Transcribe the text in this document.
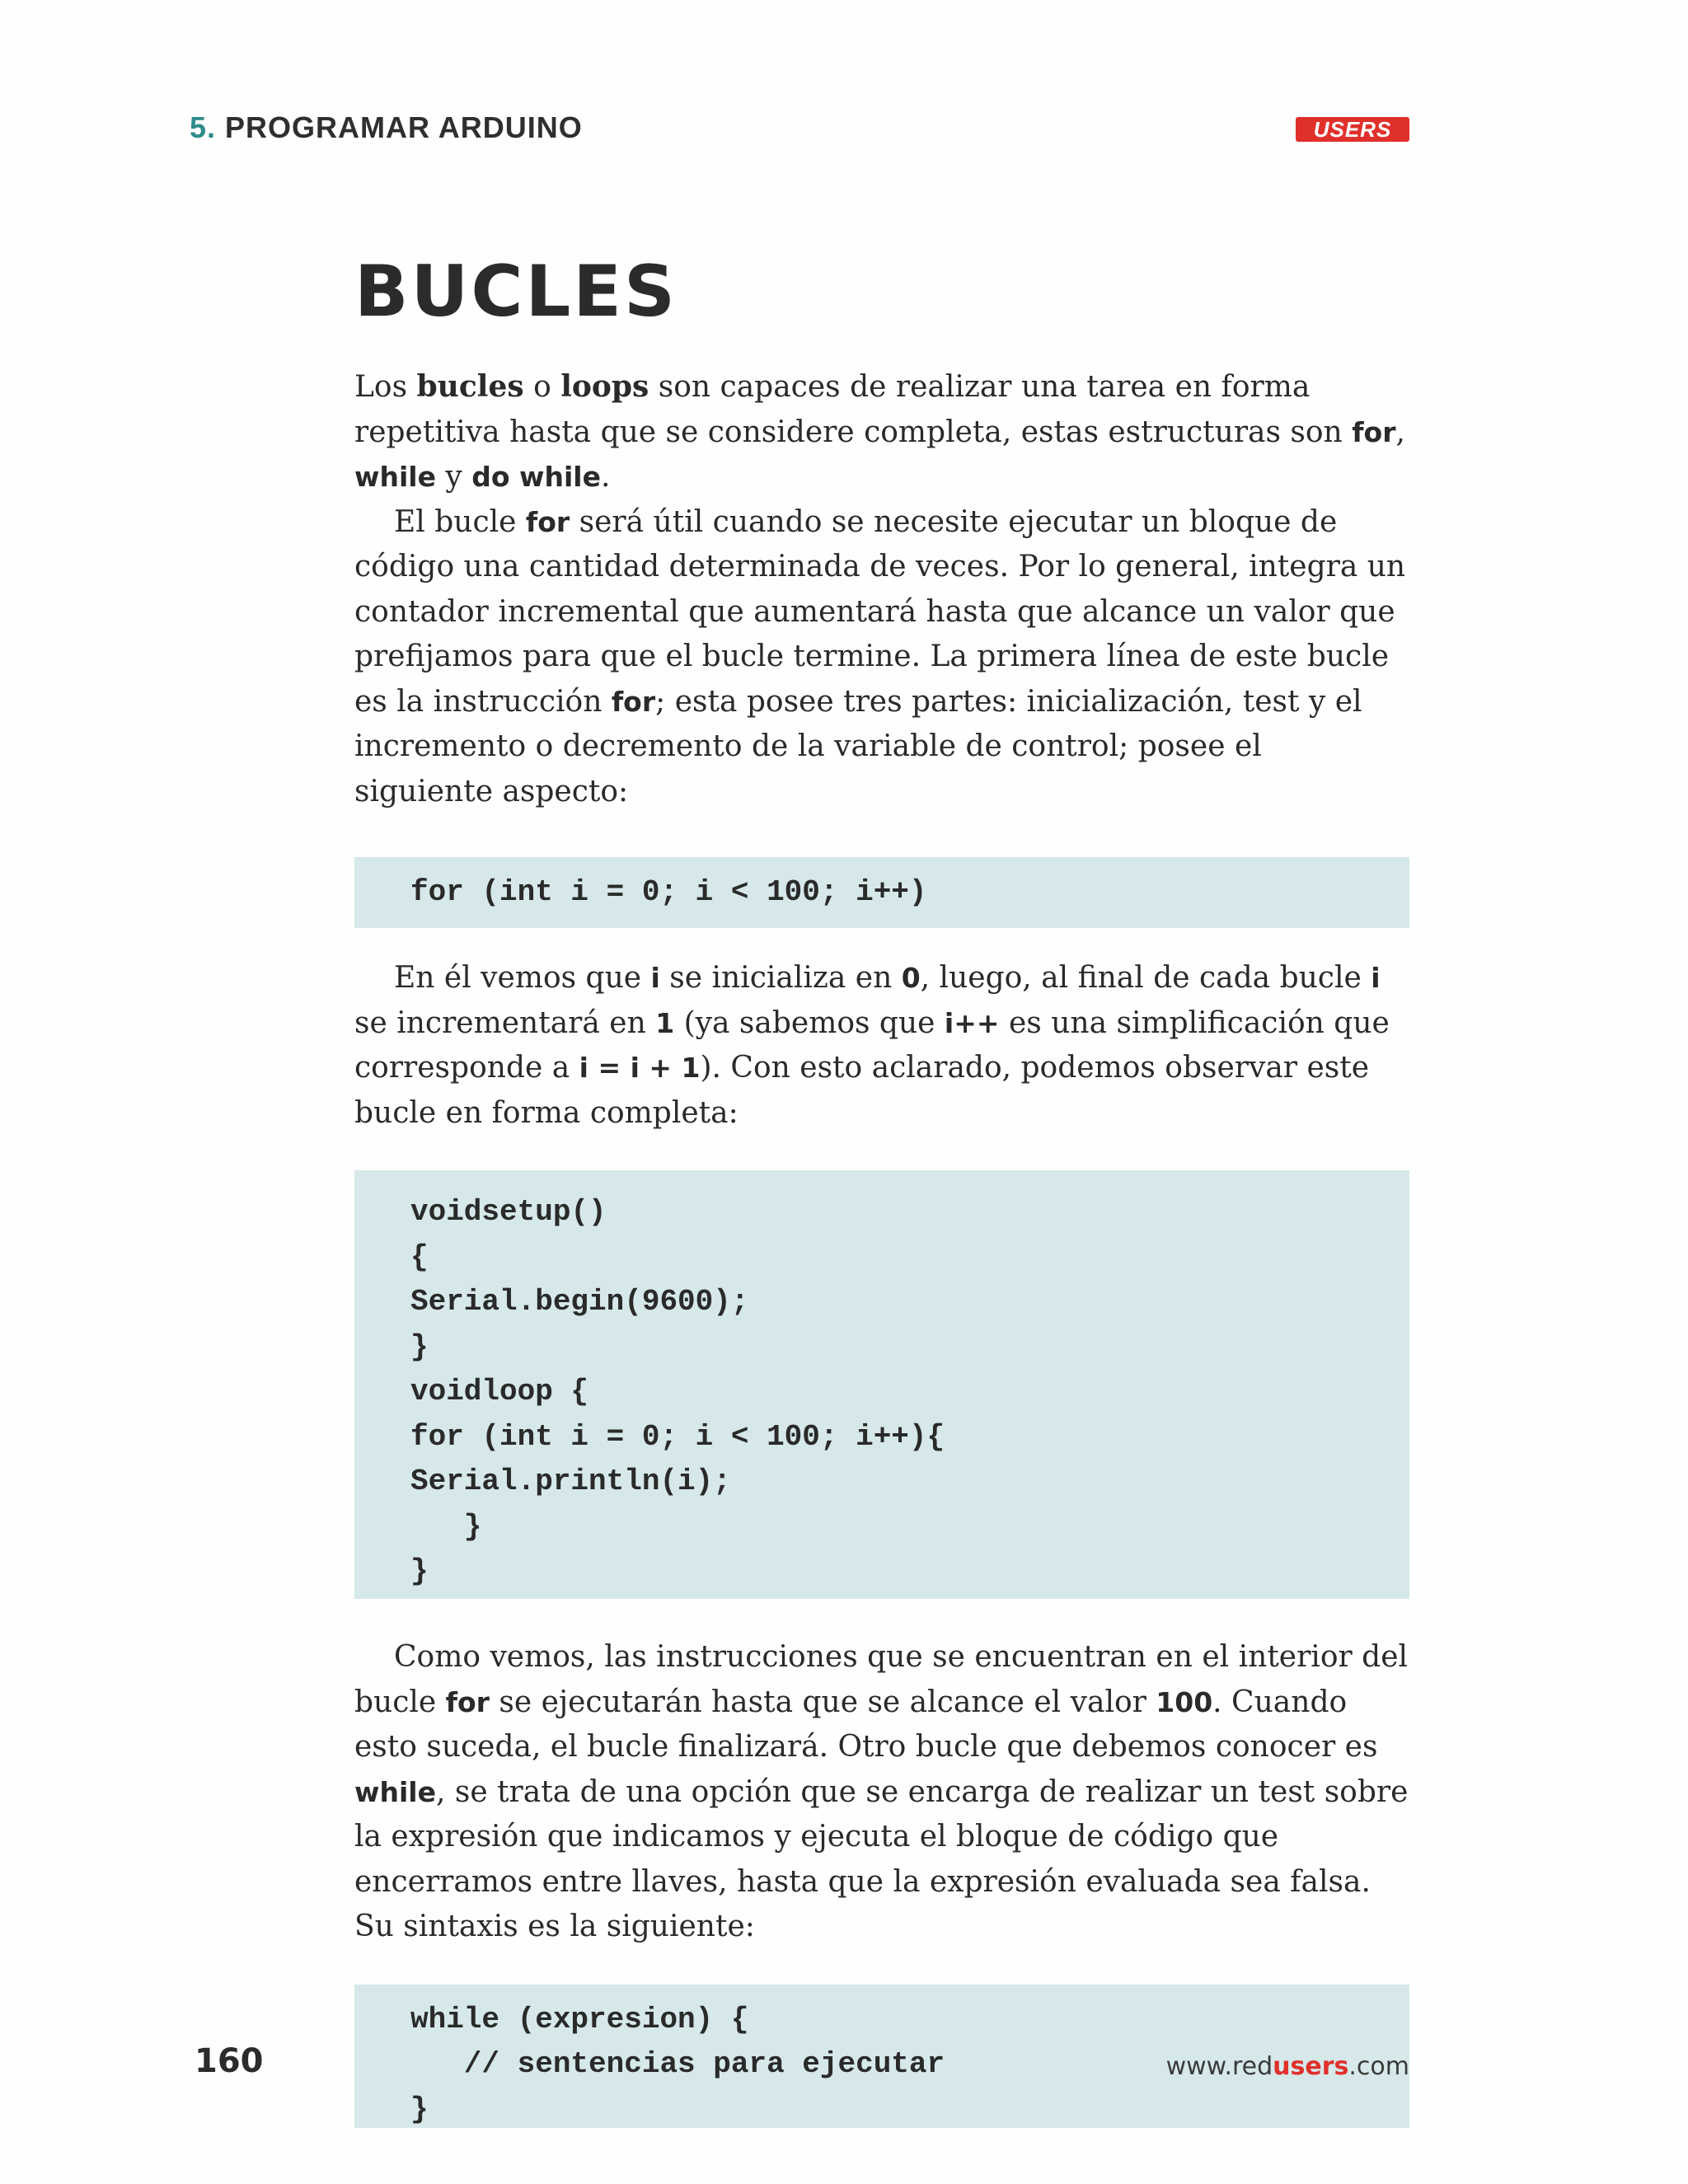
5. PROGRAMAR ARDUINO	USERS
BUCLES

Los bucles o loops son capaces de realizar una tarea en forma repetitiva hasta que se considere completa, estas estructuras son for, while y do while.

El bucle for será útil cuando se necesite ejecutar un bloque de código una cantidad determinada de veces. Por lo general, integra un contador incremental que aumentará hasta que alcance un valor que prefijamos para que el bucle termine. La primera línea de este bucle es la instrucción for; esta posee tres partes: inicialización, test y el incremento o decremento de la variable de control; posee el siguiente aspecto:

for (int i = 0; i < 100; i++)

En él vemos que i se inicializa en 0, luego, al final de cada bucle i se incrementará en 1 (ya sabemos que i++ es una simplificación que corresponde a i = i + 1). Con esto aclarado, podemos observar este bucle en forma completa:

voidsetup()
{
Serial.begin(9600);
}
voidloop {
for (int i = 0; i < 100; i++){
Serial.println(i);
}
}

Como vemos, las instrucciones que se encuentran en el interior del bucle for se ejecutarán hasta que se alcance el valor 100. Cuando esto suceda, el bucle finalizará. Otro bucle que debemos conocer es while, se trata de una opción que se encarga de realizar un test sobre la expresión que indicamos y ejecuta el bloque de código que encerramos entre llaves, hasta que la expresión evaluada sea falsa. Su sintaxis es la siguiente:

while (expresion) {
// sentencias para ejecutar
}
160	www.redusers.com
